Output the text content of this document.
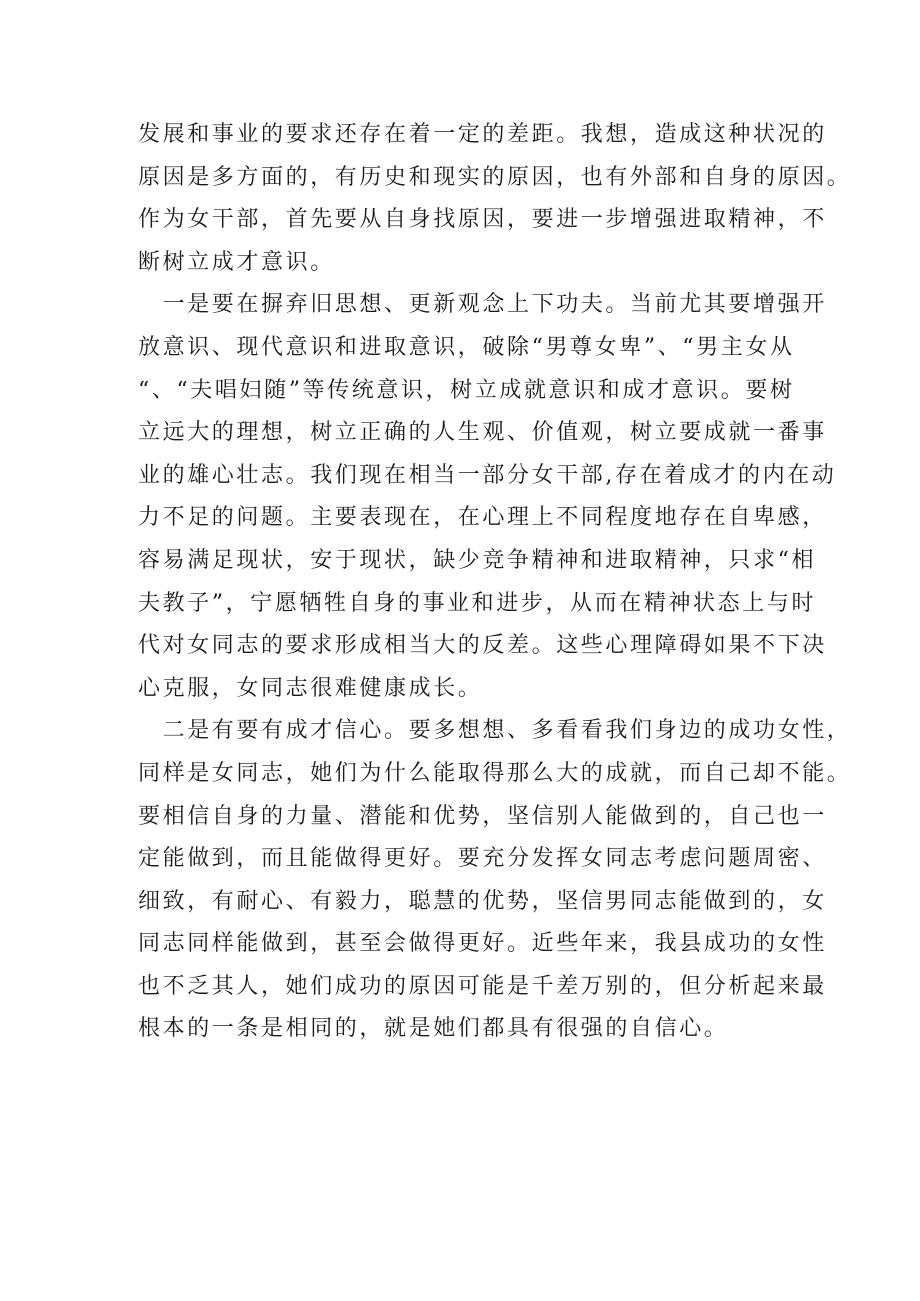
发展和事业的要求还存在着一定的差距。我想，造成这种状况的
原因是多方面的，有历史和现实的原因，也有外部和自身的原因。
作为女干部，首先要从自身找原因，要进一步增强进取精神，不
断树立成才意识。
　一是要在摒弃旧思想、更新观念上下功夫。当前尤其要增强开
放意识、现代意识和进取意识，破除“男尊女卑”、“男主女从
“、“夫唱妇随”等传统意识，树立成就意识和成才意识。要树
立远大的理想，树立正确的人生观、价值观，树立要成就一番事
业的雄心壮志。我们现在相当一部分女干部,存在着成才的内在动
力不足的问题。主要表现在，在心理上不同程度地存在自卑感，
容易满足现状，安于现状，缺少竞争精神和进取精神，只求“相
夫教子”，宁愿牺牲自身的事业和进步，从而在精神状态上与时
代对女同志的要求形成相当大的反差。这些心理障碍如果不下决
心克服，女同志很难健康成长。
　二是有要有成才信心。要多想想、多看看我们身边的成功女性，
同样是女同志，她们为什么能取得那么大的成就，而自己却不能。
要相信自身的力量、潜能和优势，坚信别人能做到的，自己也一
定能做到，而且能做得更好。要充分发挥女同志考虑问题周密、
细致，有耐心、有毅力，聪慧的优势，坚信男同志能做到的，女
同志同样能做到，甚至会做得更好。近些年来，我县成功的女性
也不乏其人，她们成功的原因可能是千差万别的，但分析起来最
根本的一条是相同的，就是她们都具有很强的自信心。
